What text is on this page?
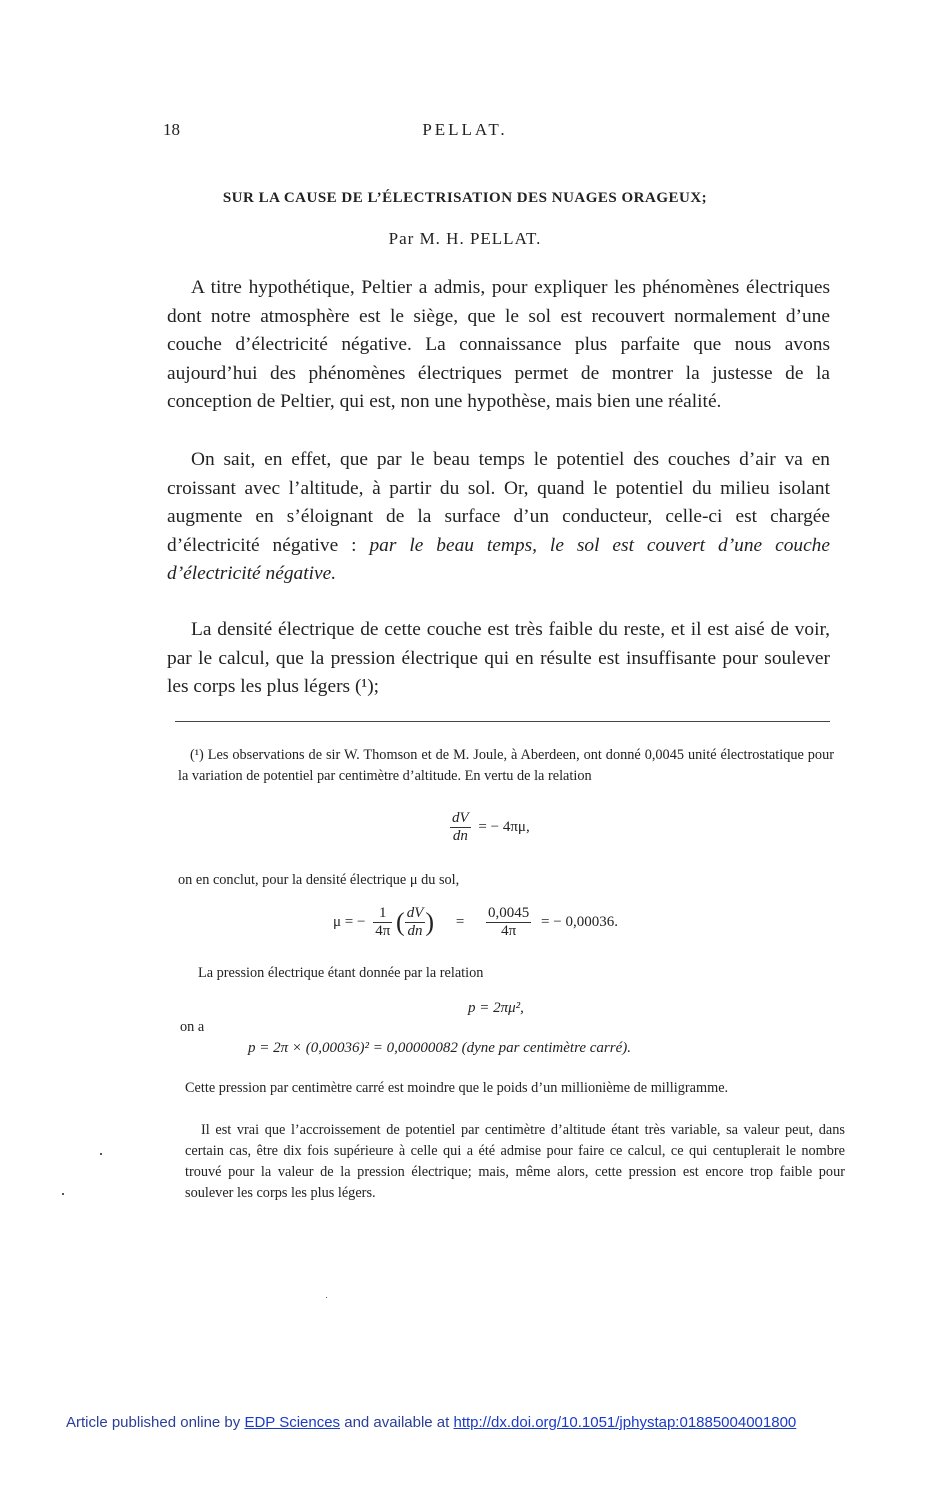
18	PELLAT.
SUR LA CAUSE DE L’ÉLECTRISATION DES NUAGES ORAGEUX;
Par M. H. PELLAT.

A titre hypothétique, Peltier a admis, pour expliquer les phénomènes électriques dont notre atmosphère est le siège, que le sol est recouvert normalement d’une couche d’électricité négative. La connaissance plus parfaite que nous avons aujourd’hui des phénomènes électriques permet de montrer la justesse de la conception de Peltier, qui est, non une hypothèse, mais bien une réalité.

On sait, en effet, que par le beau temps le potentiel des couches d’air va en croissant avec l’altitude, à partir du sol. Or, quand le potentiel du milieu isolant augmente en s’éloignant de la surface d’un conducteur, celle-ci est chargée d’électricité négative : par le beau temps, le sol est couvert d’une couche d’électricité négative.

La densité électrique de cette couche est très faible du reste, et il est aisé de voir, par le calcul, que la pression électrique qui en résulte est insuffisante pour soulever les corps les plus légers (¹);

(¹) Les observations de sir W. Thomson et de M. Joule, à Aberdeen, ont donné 0,0045 unité électrostatique pour la variation de potentiel par centimètre d’altitude. En vertu de la relation

$\frac{dV}{dn}$ = − 4πμ,
on en conclut, pour la densité électrique μ du sol,
μ = − $\frac{1}{4\pi}$ ( $\frac{dV}{dn}$ ) = $\frac{0,0045}{4\pi}$ = − 0,00036.
La pression électrique étant donnée par la relation
p = 2πμ²,
on a
p = 2π × (0,00036)² = 0,00000082 (dyne par centimètre carré).

Cette pression par centimètre carré est moindre que le poids d’un millionième de milligramme.

Il est vrai que l’accroissement de potentiel par centimètre d’altitude étant très variable, sa valeur peut, dans certain cas, être dix fois supérieure à celle qui a été admise pour faire ce calcul, ce qui centuplerait le nombre trouvé pour la valeur de la pression électrique; mais, même alors, cette pression est encore trop faible pour soulever les corps les plus légers.

Article published online by EDP Sciences and available at http://dx.doi.org/10.1051/jphystap:01885004001800
